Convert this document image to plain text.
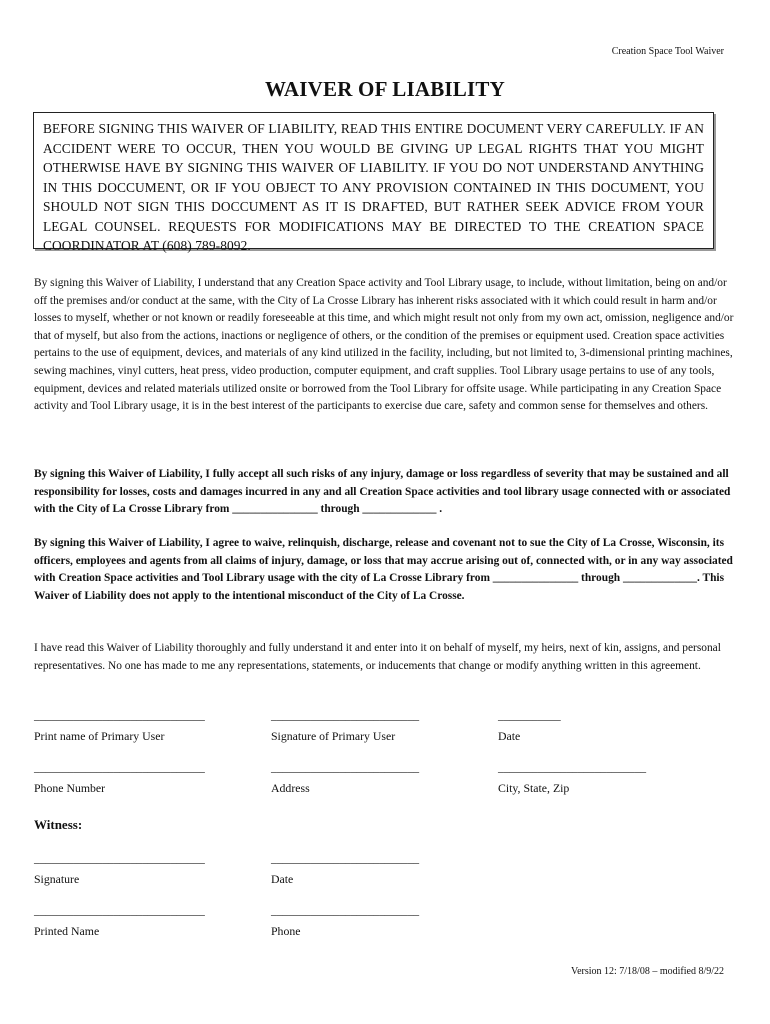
Creation Space Tool Waiver
WAIVER OF LIABILITY
BEFORE SIGNING THIS WAIVER OF LIABILITY, READ THIS ENTIRE DOCUMENT VERY CAREFULLY. IF AN ACCIDENT WERE TO OCCUR, THEN YOU WOULD BE GIVING UP LEGAL RIGHTS THAT YOU MIGHT OTHERWISE HAVE BY SIGNING THIS WAIVER OF LIABILITY. IF YOU DO NOT UNDERSTAND ANYTHING IN THIS DOCCUMENT, OR IF YOU OBJECT TO ANY PROVISION CONTAINED IN THIS DOCUMENT, YOU SHOULD NOT SIGN THIS DOCCUMENT AS IT IS DRAFTED, BUT RATHER SEEK ADVICE FROM YOUR LEGAL COUNSEL. REQUESTS FOR MODIFICATIONS MAY BE DIRECTED TO THE CREATION SPACE COORDINATOR AT (608) 789-8092.
By signing this Waiver of Liability, I understand that any Creation Space activity and Tool Library usage, to include, without limitation, being on and/or off the premises and/or conduct at the same, with the City of La Crosse Library has inherent risks associated with it which could result in harm and/or losses to myself, whether or not known or readily foreseeable at this time, and which might result not only from my own act, omission, negligence and/or that of myself, but also from the actions, inactions or negligence of others, or the condition of the premises or equipment used. Creation space activities pertains to the use of equipment, devices, and materials of any kind utilized in the facility, including, but not limited to, 3-dimensional printing machines, sewing machines, vinyl cutters, heat press, video production, computer equipment, and craft supplies. Tool Library usage pertains to use of any tools, equipment, devices and related materials utilized onsite or borrowed from the Tool Library for offsite usage. While participating in any Creation Space activity and Tool Library usage, it is in the best interest of the participants to exercise due care, safety and common sense for themselves and others.
By signing this Waiver of Liability, I fully accept all such risks of any injury, damage or loss regardless of severity that may be sustained and all responsibility for losses, costs and damages incurred in any and all Creation Space activities and tool library usage connected with or associated with the City of La Crosse Library from _______________ through _____________ .
By signing this Waiver of Liability, I agree to waive, relinquish, discharge, release and covenant not to sue the City of La Crosse, Wisconsin, its officers, employees and agents from all claims of injury, damage, or loss that may accrue arising out of, connected with, or in any way associated with Creation Space activities and Tool Library usage with the city of La Crosse Library from _______________ through _____________. This Waiver of Liability does not apply to the intentional misconduct of the City of La Crosse.
I have read this Waiver of Liability thoroughly and fully understand it and enter into it on behalf of myself, my heirs, next of kin, assigns, and personal representatives. No one has made to me any representations, statements, or inducements that change or modify anything written in this agreement.
______________________________	__________________________	___________
Print name of Primary User	Signature of Primary User	Date
______________________________	__________________________	__________________________
Phone Number	Address	City, State, Zip
Witness:
______________________________	__________________________
Signature	Date
______________________________	__________________________
Printed Name	Phone
Version 12: 7/18/08 – modified 8/9/22
